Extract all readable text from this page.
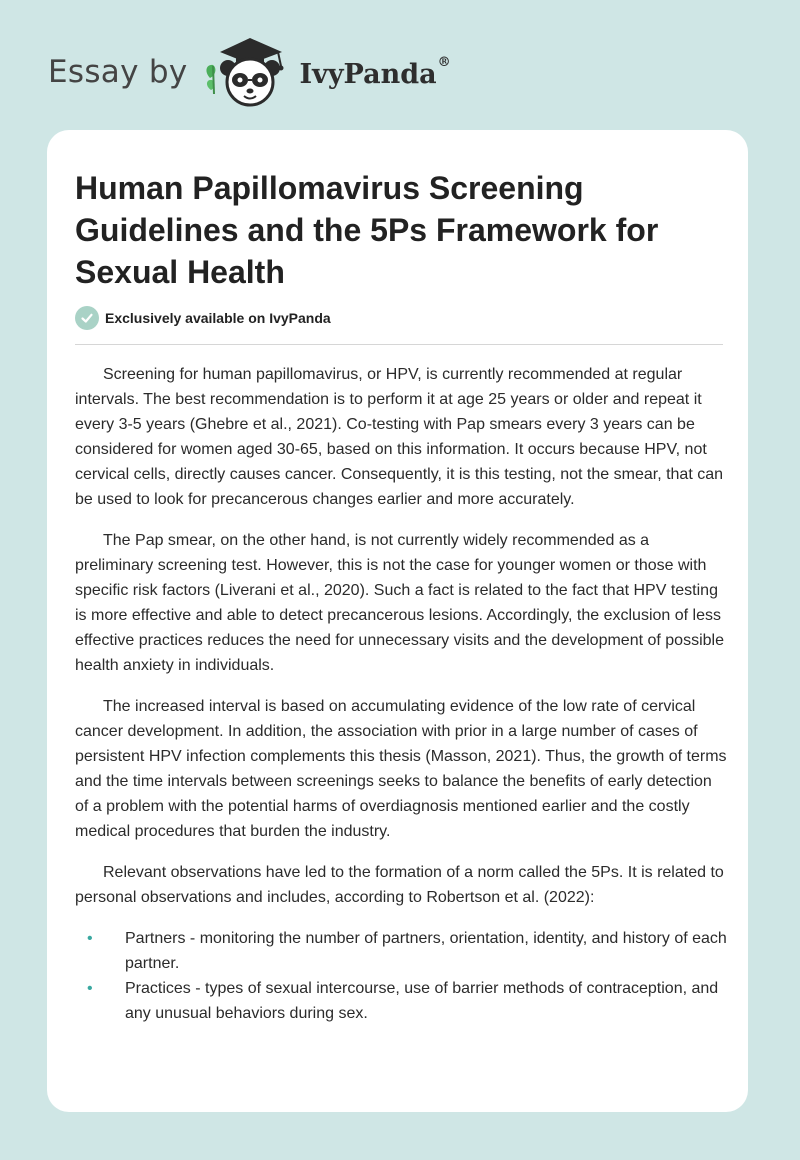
Essay by	IvyPanda®
Human Papillomavirus Screening Guidelines and the 5Ps Framework for Sexual Health
Exclusively available on IvyPanda

Screening for human papillomavirus, or HPV, is currently recommended at regular intervals. The best recommendation is to perform it at age 25 years or older and repeat it every 3-5 years (Ghebre et al., 2021). Co-testing with Pap smears every 3 years can be considered for women aged 30-65, based on this information. It occurs because HPV, not cervical cells, directly causes cancer. Consequently, it is this testing, not the smear, that can be used to look for precancerous changes earlier and more accurately.

The Pap smear, on the other hand, is not currently widely recommended as a preliminary screening test. However, this is not the case for younger women or those with specific risk factors (Liverani et al., 2020). Such a fact is related to the fact that HPV testing is more effective and able to detect precancerous lesions. Accordingly, the exclusion of less effective practices reduces the need for unnecessary visits and the development of possible health anxiety in individuals.

The increased interval is based on accumulating evidence of the low rate of cervical cancer development. In addition, the association with prior in a large number of cases of persistent HPV infection complements this thesis (Masson, 2021). Thus, the growth of terms and the time intervals between screenings seeks to balance the benefits of early detection of a problem with the potential harms of overdiagnosis mentioned earlier and the costly medical procedures that burden the industry.

Relevant observations have led to the formation of a norm called the 5Ps. It is related to personal observations and includes, according to Robertson et al. (2022):

• Partners - monitoring the number of partners, orientation, identity, and history of each partner.
• Practices - types of sexual intercourse, use of barrier methods of contraception, and any unusual behaviors during sex.
